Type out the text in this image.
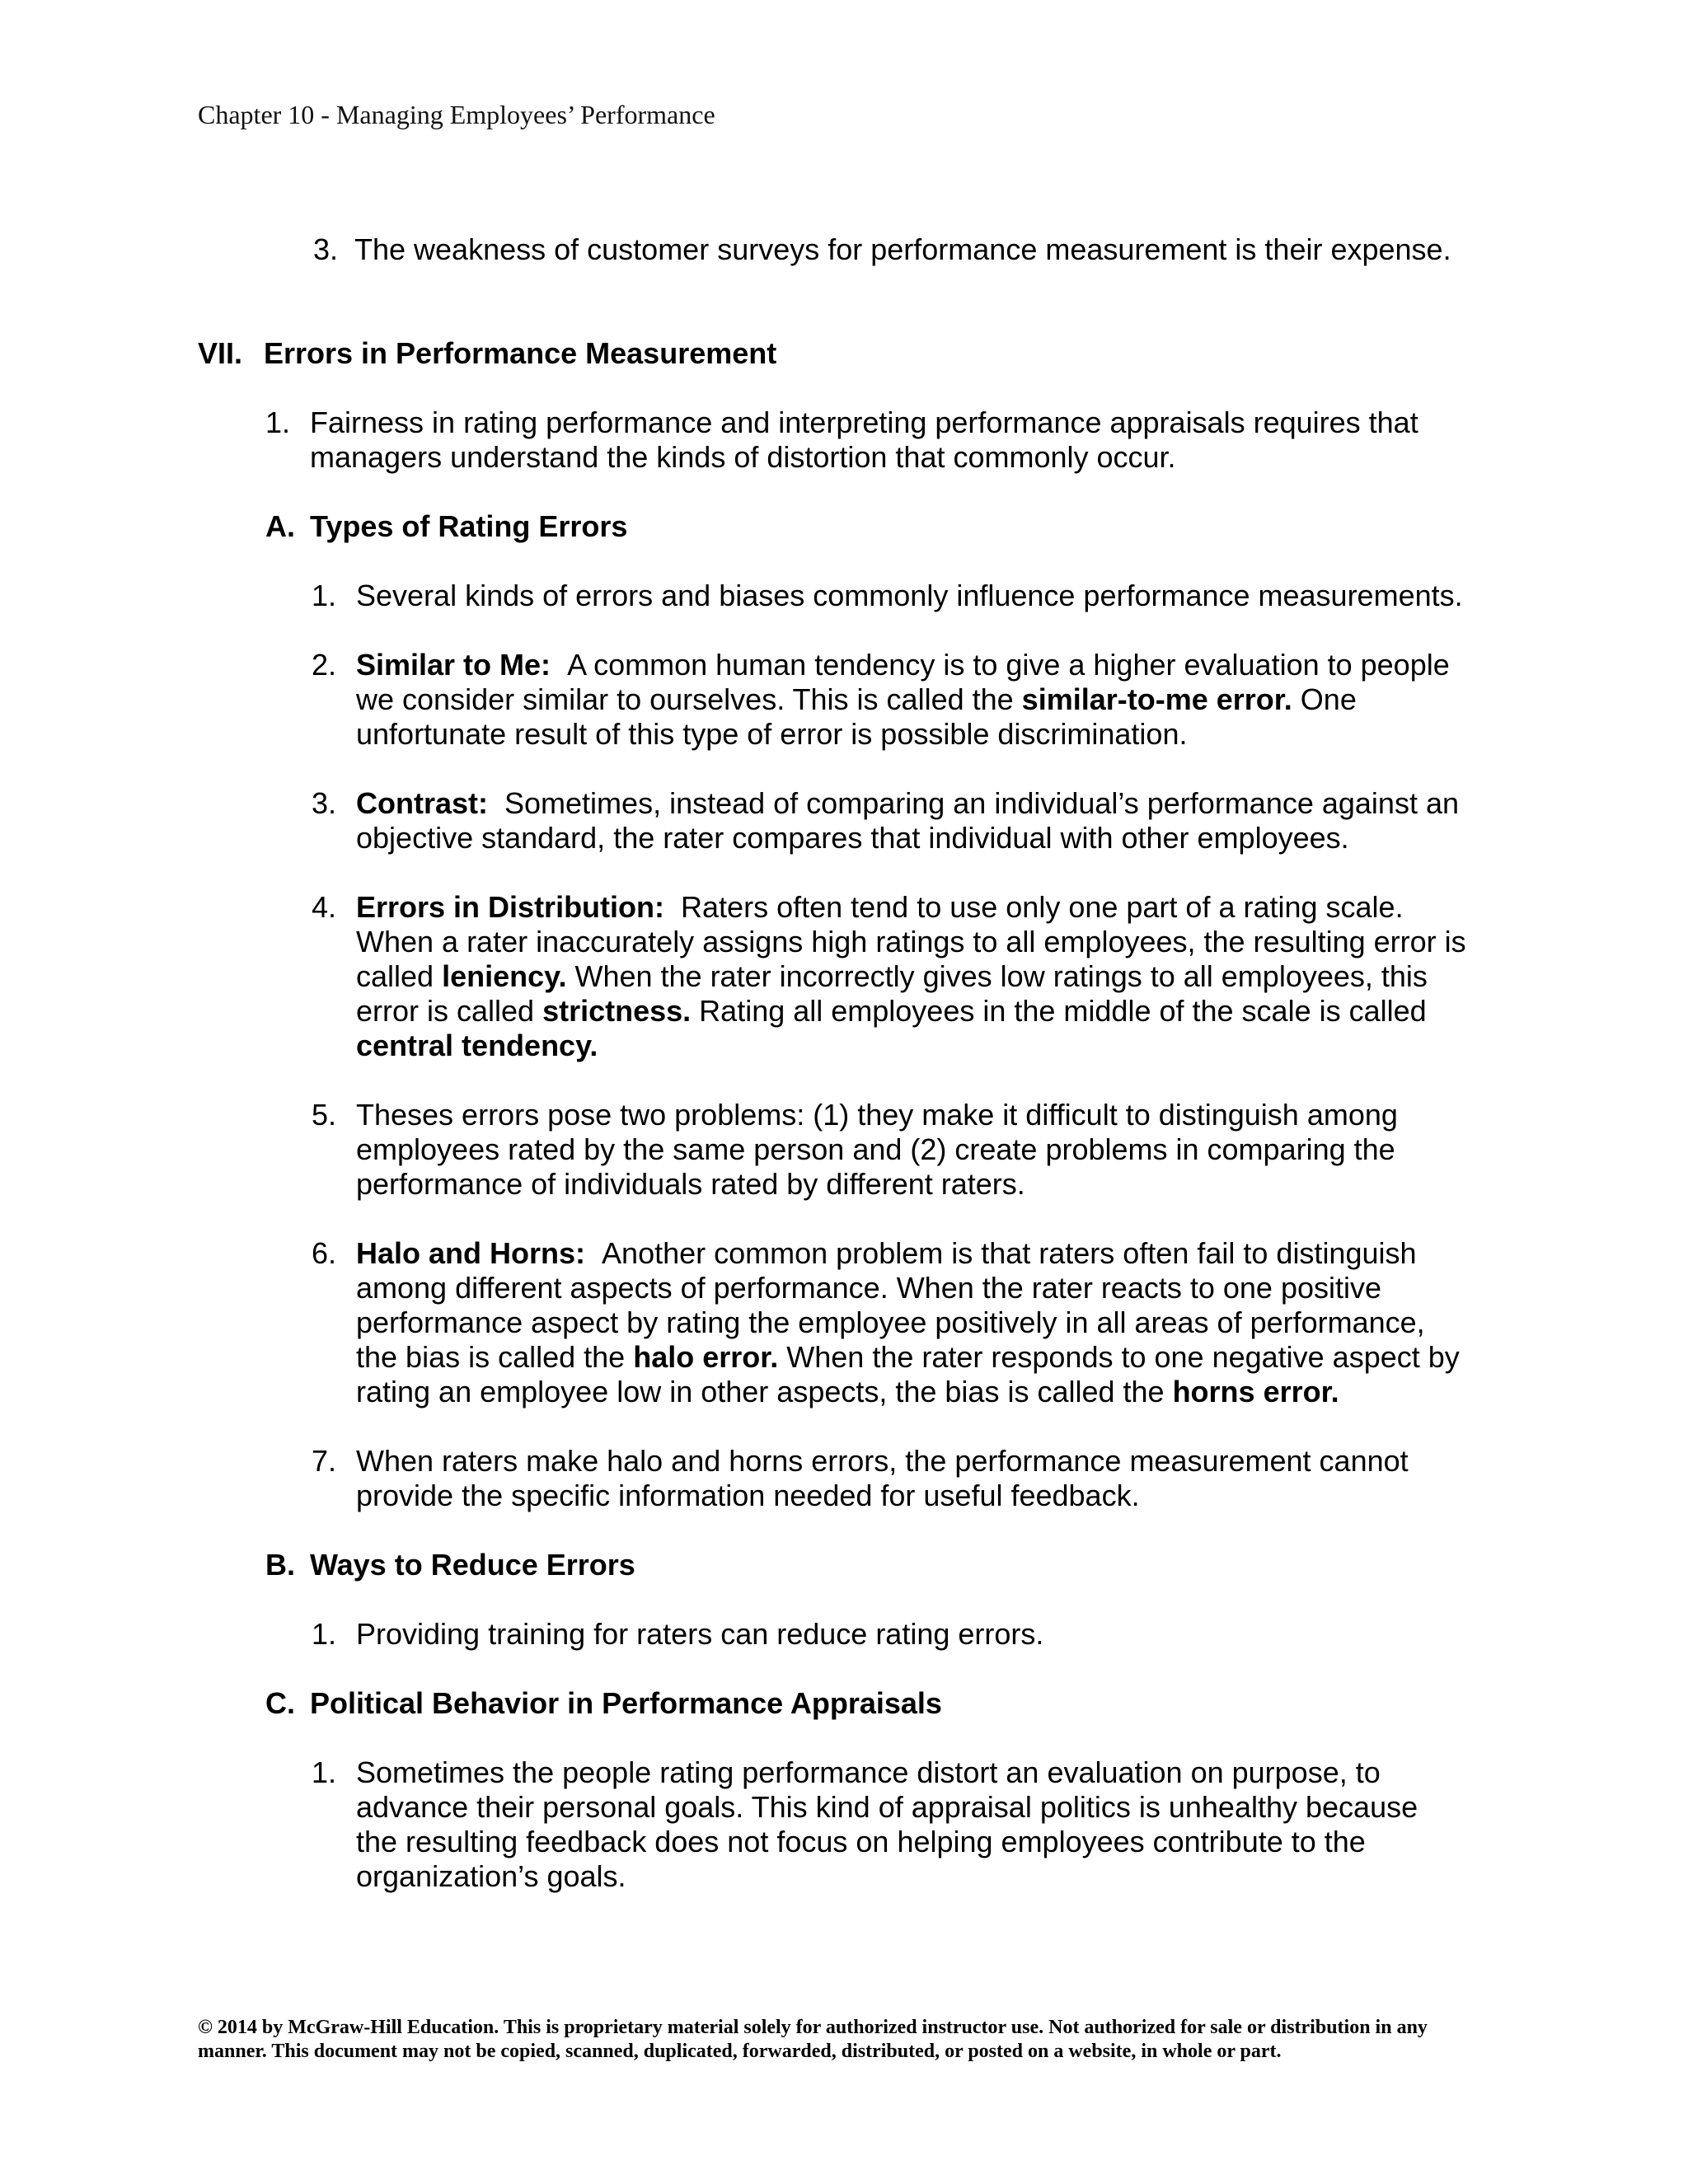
Chapter 10 - Managing Employees’ Performance
3. The weakness of customer surveys for performance measurement is their expense.
VII. Errors in Performance Measurement
1. Fairness in rating performance and interpreting performance appraisals requires that managers understand the kinds of distortion that commonly occur.
A. Types of Rating Errors
1. Several kinds of errors and biases commonly influence performance measurements.
2. Similar to Me: A common human tendency is to give a higher evaluation to people we consider similar to ourselves. This is called the similar-to-me error. One unfortunate result of this type of error is possible discrimination.
3. Contrast: Sometimes, instead of comparing an individual’s performance against an objective standard, the rater compares that individual with other employees.
4. Errors in Distribution: Raters often tend to use only one part of a rating scale. When a rater inaccurately assigns high ratings to all employees, the resulting error is called leniency. When the rater incorrectly gives low ratings to all employees, this error is called strictness. Rating all employees in the middle of the scale is called central tendency.
5. Theses errors pose two problems: (1) they make it difficult to distinguish among employees rated by the same person and (2) create problems in comparing the performance of individuals rated by different raters.
6. Halo and Horns: Another common problem is that raters often fail to distinguish among different aspects of performance. When the rater reacts to one positive performance aspect by rating the employee positively in all areas of performance, the bias is called the halo error. When the rater responds to one negative aspect by rating an employee low in other aspects, the bias is called the horns error.
7. When raters make halo and horns errors, the performance measurement cannot provide the specific information needed for useful feedback.
B. Ways to Reduce Errors
1. Providing training for raters can reduce rating errors.
C. Political Behavior in Performance Appraisals
1. Sometimes the people rating performance distort an evaluation on purpose, to advance their personal goals. This kind of appraisal politics is unhealthy because the resulting feedback does not focus on helping employees contribute to the organization’s goals.
© 2014 by McGraw-Hill Education. This is proprietary material solely for authorized instructor use. Not authorized for sale or distribution in any manner. This document may not be copied, scanned, duplicated, forwarded, distributed, or posted on a website, in whole or part.
